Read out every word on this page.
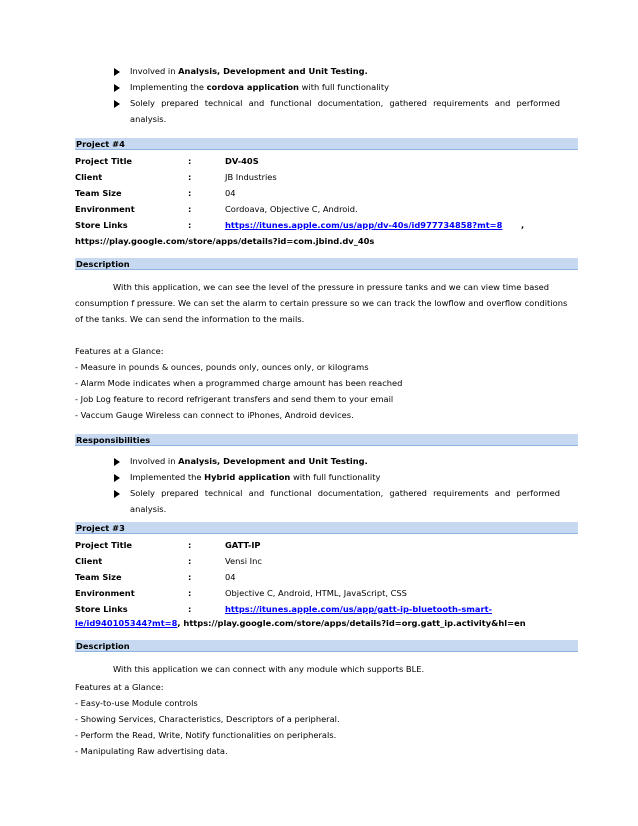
Involved in Analysis, Development and Unit Testing.
Implementing the cordova application with full functionality
Solely prepared technical and functional documentation, gathered requirements and performed
analysis.
Project #4
Project Title	:	DV-40S
Client	:	JB Industries
Team Size	:	04
Environment	:	Cordoava, Objective C, Android.
Store Links	:	https://itunes.apple.com/us/app/dv-40s/id977734858?mt=8 ,
https://play.google.com/store/apps/details?id=com.jbind.dv_40s
Description
With this application, we can see the level of the pressure in pressure tanks and we can view time based
consumption f pressure. We can set the alarm to certain pressure so we can track the lowflow and overflow conditions
of the tanks. We can send the information to the mails.
Features at a Glance:
- Measure in pounds & ounces, pounds only, ounces only, or kilograms
- Alarm Mode indicates when a programmed charge amount has been reached
- Job Log feature to record refrigerant transfers and send them to your email
- Vaccum Gauge Wireless can connect to iPhones, Android devices.
Responsibilities
Involved in Analysis, Development and Unit Testing.
Implemented the Hybrid application with full functionality
Solely prepared technical and functional documentation, gathered requirements and performed
analysis.
Project #3
Project Title	:	GATT-IP
Client	:	Vensi Inc
Team Size	:	04
Environment	:	Objective C, Android, HTML, JavaScript, CSS
Store Links	:	https://itunes.apple.com/us/app/gatt-ip-bluetooth-smart-
le/id940105344?mt=8, https://play.google.com/store/apps/details?id=org.gatt_ip.activity&hl=en
Description
With this application we can connect with any module which supports BLE.
Features at a Glance:
- Easy-to-use Module controls
- Showing Services, Characteristics, Descriptors of a peripheral.
- Perform the Read, Write, Notify functionalities on peripherals.
- Manipulating Raw advertising data.
